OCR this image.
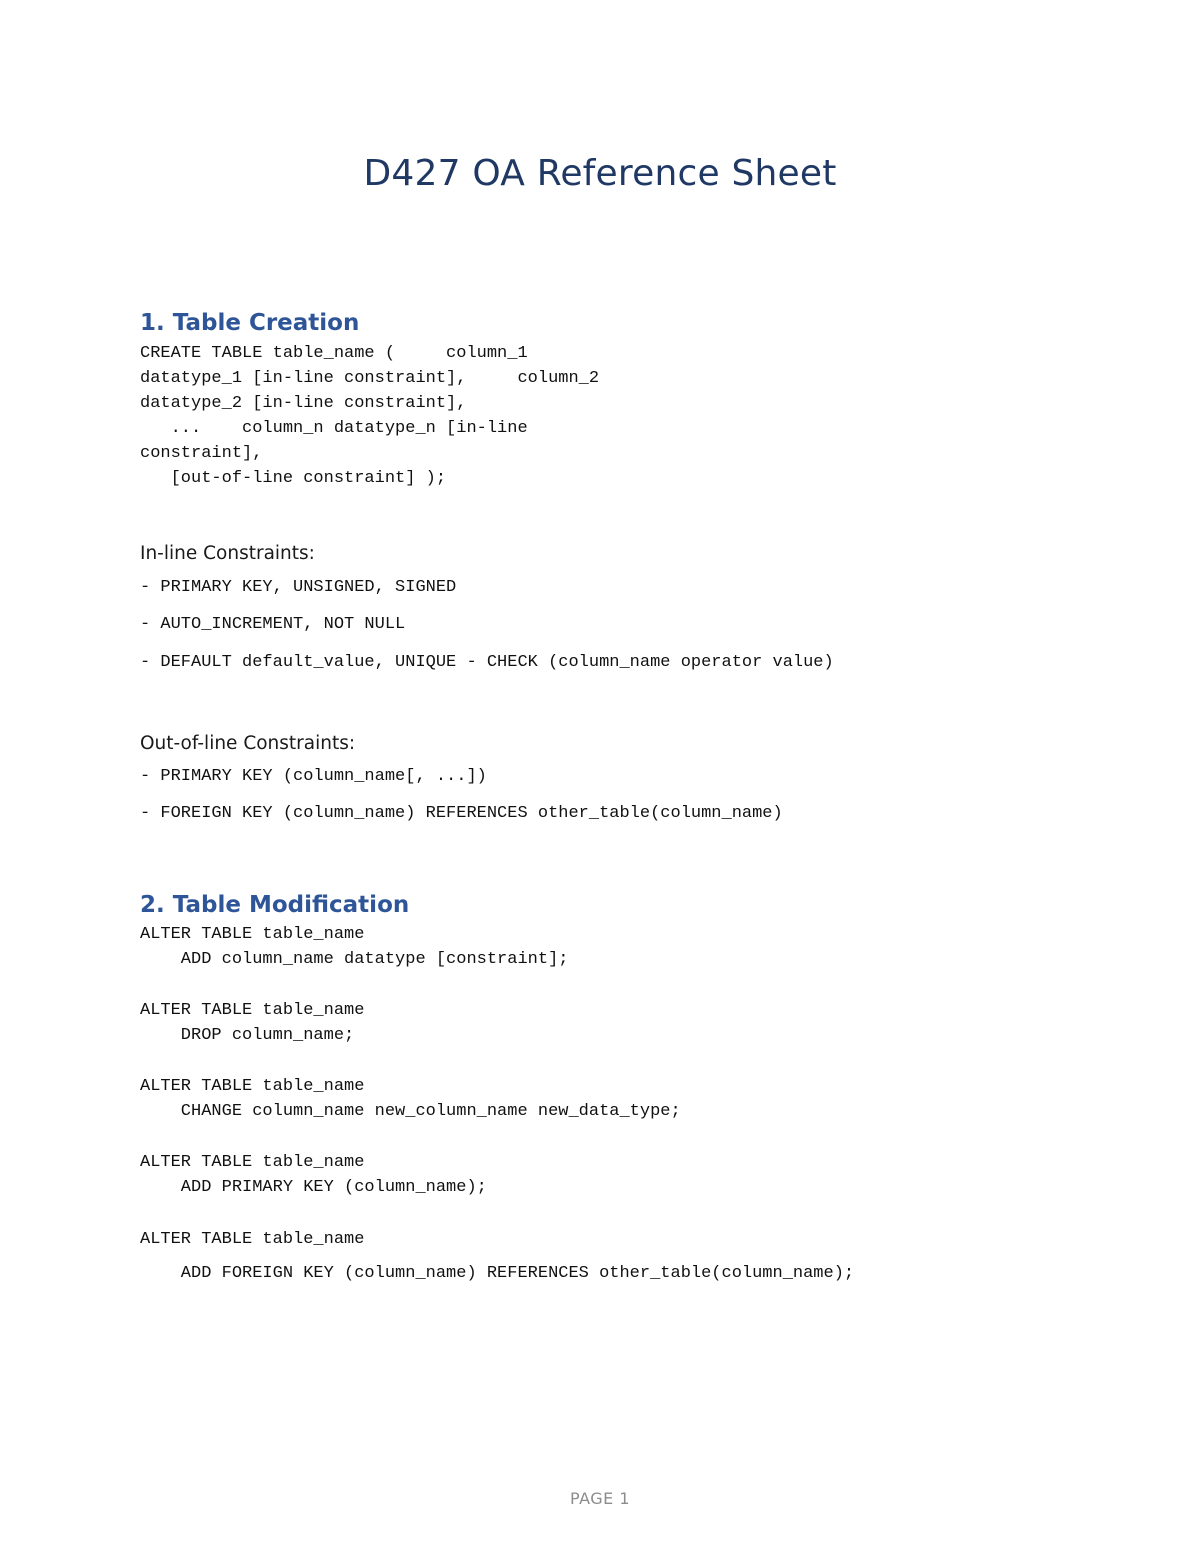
D427 OA Reference Sheet
1. Table Creation
CREATE TABLE table_name (     column_1
datatype_1 [in-line constraint],     column_2
datatype_2 [in-line constraint],
...    column_n datatype_n [in-line
constraint],
[out-of-line constraint] );

In-line Constraints:

- PRIMARY KEY, UNSIGNED, SIGNED

- AUTO_INCREMENT, NOT NULL

- DEFAULT default_value, UNIQUE - CHECK (column_name operator value)

Out-of-line Constraints:

- PRIMARY KEY (column_name[, ...])

- FOREIGN KEY (column_name) REFERENCES other_table(column_name)

2. Table Modification
ALTER TABLE table_name
ADD column_name datatype [constraint];
ALTER TABLE table_name
DROP column_name;
ALTER TABLE table_name
CHANGE column_name new_column_name new_data_type;
ALTER TABLE table_name
ADD PRIMARY KEY (column_name);
ALTER TABLE table_name
ADD FOREIGN KEY (column_name) REFERENCES other_table(column_name);
PAGE 1
